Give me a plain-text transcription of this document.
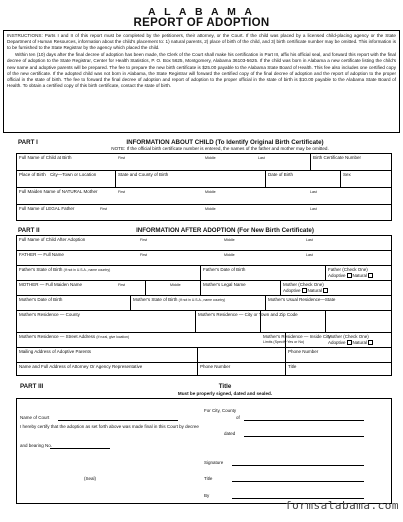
A L A B A M A
REPORT OF ADOPTION

INSTRUCTIONS: Parts I and II of this report must be completed by the petitioners, their attorney, or the Court. If the child was placed by a licensed child-placing agency or the State Department of Human Resources, information about the child's placement to: 1) natural parents, 2) place of birth of the child, and 3) birth certificate number may be omitted. This information is to be furnished to the State Registrar by the agency which placed the child.

Within ten (10) days after the final decree of adoption has been made, the Clerk of the Court shall make his certification in Part III, affix his official seal, and forward this report with the final decree of adoption to the State Registrar, Center for Health Statistics, P. O. Box 5625, Montgomery, Alabama 36103-5625. If the child was born in Alabama a new certificate listing the child's new name and adoptive parents will be prepared. The fee to prepare the new birth certificate is $25.00 payable to the Alabama State Board of Health. This fee also includes one certified copy of the new certificate. If the adopted child was not born in Alabama, the State Registrar will forward the certified copy of the final decree of adoption and the report of adoption to the proper official in the state of birth. The fee to forward the final decree of adoption and report of adoption to the proper official in the state of birth is $10.00 payable to the Alabama State Board of Health. To obtain a certified copy of this birth certificate, contact the state of birth.

PART I	INFORMATION ABOUT CHILD (To Identify Original Birth Certificate)
NOTE: If the official birth certificate number is entered, the names of the father and mother may be omitted.
Full Name of Child at Birth	First	Middle	Last	Birth Certificate Number
Place of Birth City—Town or Location	State and County of Birth	Date of Birth	Sex
Full Maiden Name of NATURAL Mother	First	Middle	Last
Full Name of LEGAL Father	First	Middle	Last
PART II	INFORMATION AFTER ADOPTION (For New Birth Certificate)
Full Name of Child After Adoption	First	Middle	Last
FATHER — Full Name	First	Middle	Last
Father's State of Birth (If not in U.S.A., name country)	Father's Date of Birth	Father (Check One)
Adoptive Natural
MOTHER — Full Maiden Name	First	Middle	Mother's Legal Name	Mother (Check One)
Adoptive Natural
Mother's Date of Birth	Mother's State of Birth (If not in U.S.A., name country)	Mother's Usual Residence—State
Mother's Residence — County	Mother's Residence — City or Town and Zip Code
Mother's Residence — Street Address (If rural, give location)	Mother's Residence — Inside City
Limits (Specify Yes or No)
Mother (Check One)
Adoptive Natural
Mailing Address of Adoptive Parents	Phone Number
Name and Full Address of Attorney Or Agency Representative	Phone Number	Title
PART III	Title
Must be properly signed, dated and sealed.
For City, County
of
Name of Court
I hereby certify that the adoption as set forth above was made final in this Court by decree
dated
and bearing No.
Signature
(Seal)	Title
By
formsalabama.com
